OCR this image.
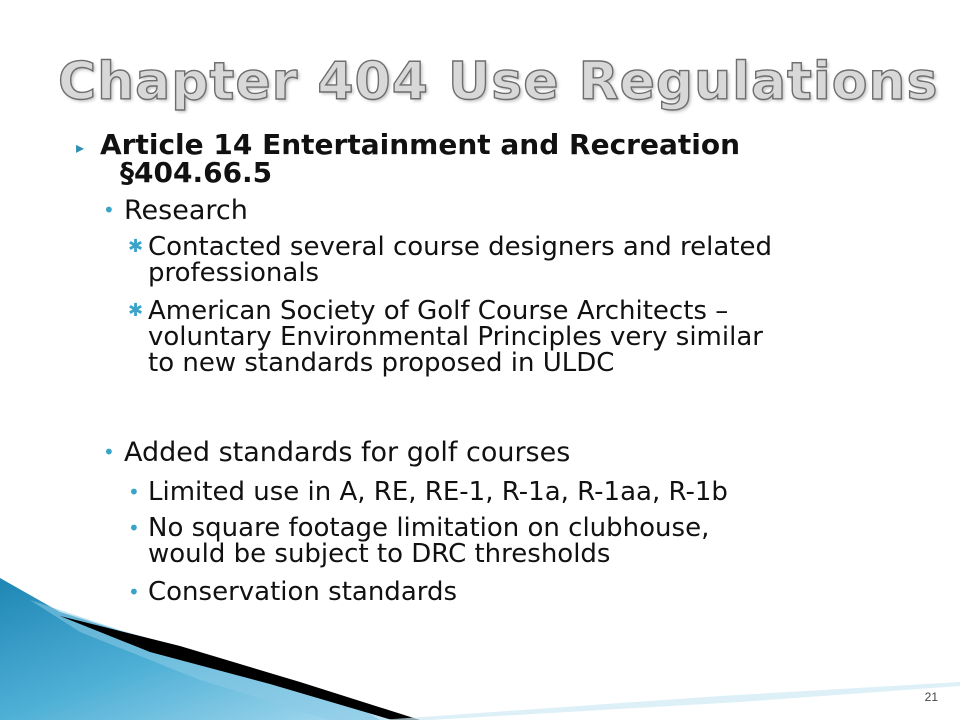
Chapter 404 Use Regulations
▸ Article 14 Entertainment and Recreation
§404.66.5
• Research
✱ Contacted several course designers and related
professionals
✱ American Society of Golf Course Architects –
voluntary Environmental Principles very similar
to new standards proposed in ULDC
• Added standards for golf courses
• Limited use in A, RE, RE-1, R-1a, R-1aa, R-1b
• No square footage limitation on clubhouse,
would be subject to DRC thresholds
• Conservation standards
21
